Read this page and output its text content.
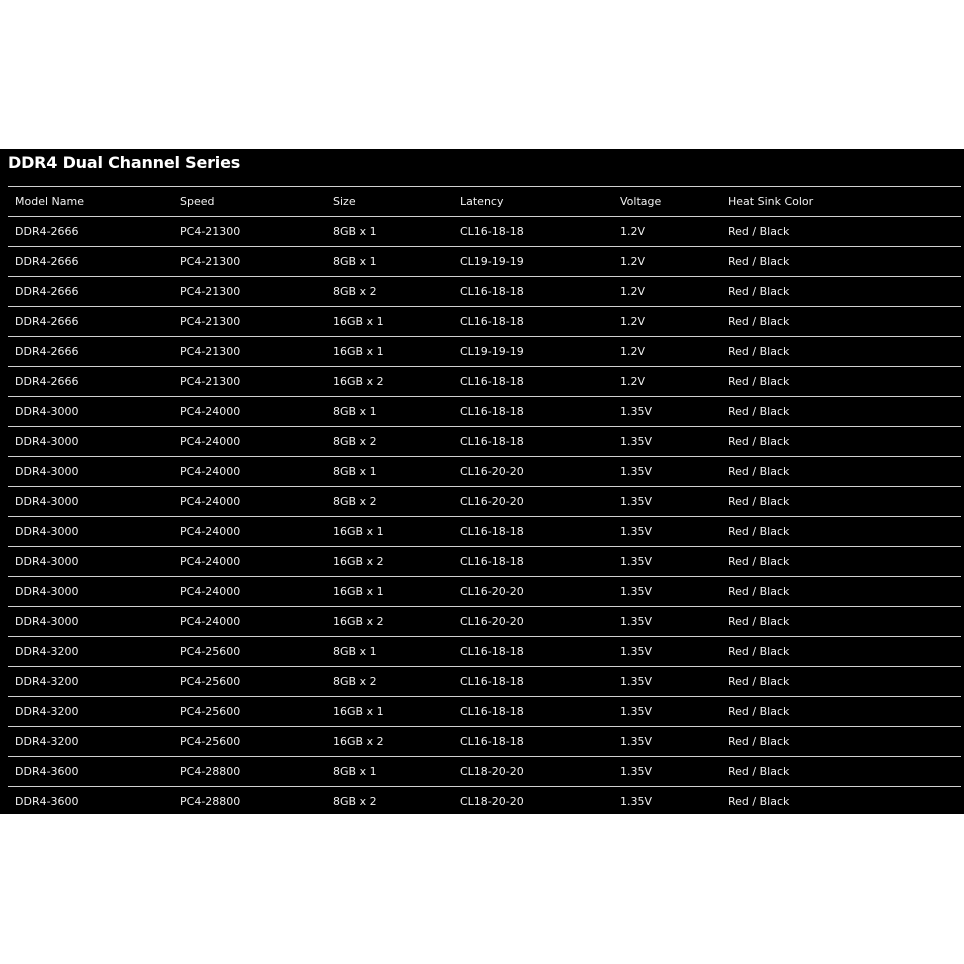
DDR4 Dual Channel Series
Model Name	Speed	Size	Latency	Voltage	Heat Sink Color
DDR4-2666	PC4-21300	8GB x 1	CL16-18-18	1.2V	Red / Black
DDR4-2666	PC4-21300	8GB x 1	CL19-19-19	1.2V	Red / Black
DDR4-2666	PC4-21300	8GB x 2	CL16-18-18	1.2V	Red / Black
DDR4-2666	PC4-21300	16GB x 1	CL16-18-18	1.2V	Red / Black
DDR4-2666	PC4-21300	16GB x 1	CL19-19-19	1.2V	Red / Black
DDR4-2666	PC4-21300	16GB x 2	CL16-18-18	1.2V	Red / Black
DDR4-3000	PC4-24000	8GB x 1	CL16-18-18	1.35V	Red / Black
DDR4-3000	PC4-24000	8GB x 2	CL16-18-18	1.35V	Red / Black
DDR4-3000	PC4-24000	8GB x 1	CL16-20-20	1.35V	Red / Black
DDR4-3000	PC4-24000	8GB x 2	CL16-20-20	1.35V	Red / Black
DDR4-3000	PC4-24000	16GB x 1	CL16-18-18	1.35V	Red / Black
DDR4-3000	PC4-24000	16GB x 2	CL16-18-18	1.35V	Red / Black
DDR4-3000	PC4-24000	16GB x 1	CL16-20-20	1.35V	Red / Black
DDR4-3000	PC4-24000	16GB x 2	CL16-20-20	1.35V	Red / Black
DDR4-3200	PC4-25600	8GB x 1	CL16-18-18	1.35V	Red / Black
DDR4-3200	PC4-25600	8GB x 2	CL16-18-18	1.35V	Red / Black
DDR4-3200	PC4-25600	16GB x 1	CL16-18-18	1.35V	Red / Black
DDR4-3200	PC4-25600	16GB x 2	CL16-18-18	1.35V	Red / Black
DDR4-3600	PC4-28800	8GB x 1	CL18-20-20	1.35V	Red / Black
DDR4-3600	PC4-28800	8GB x 2	CL18-20-20	1.35V	Red / Black
